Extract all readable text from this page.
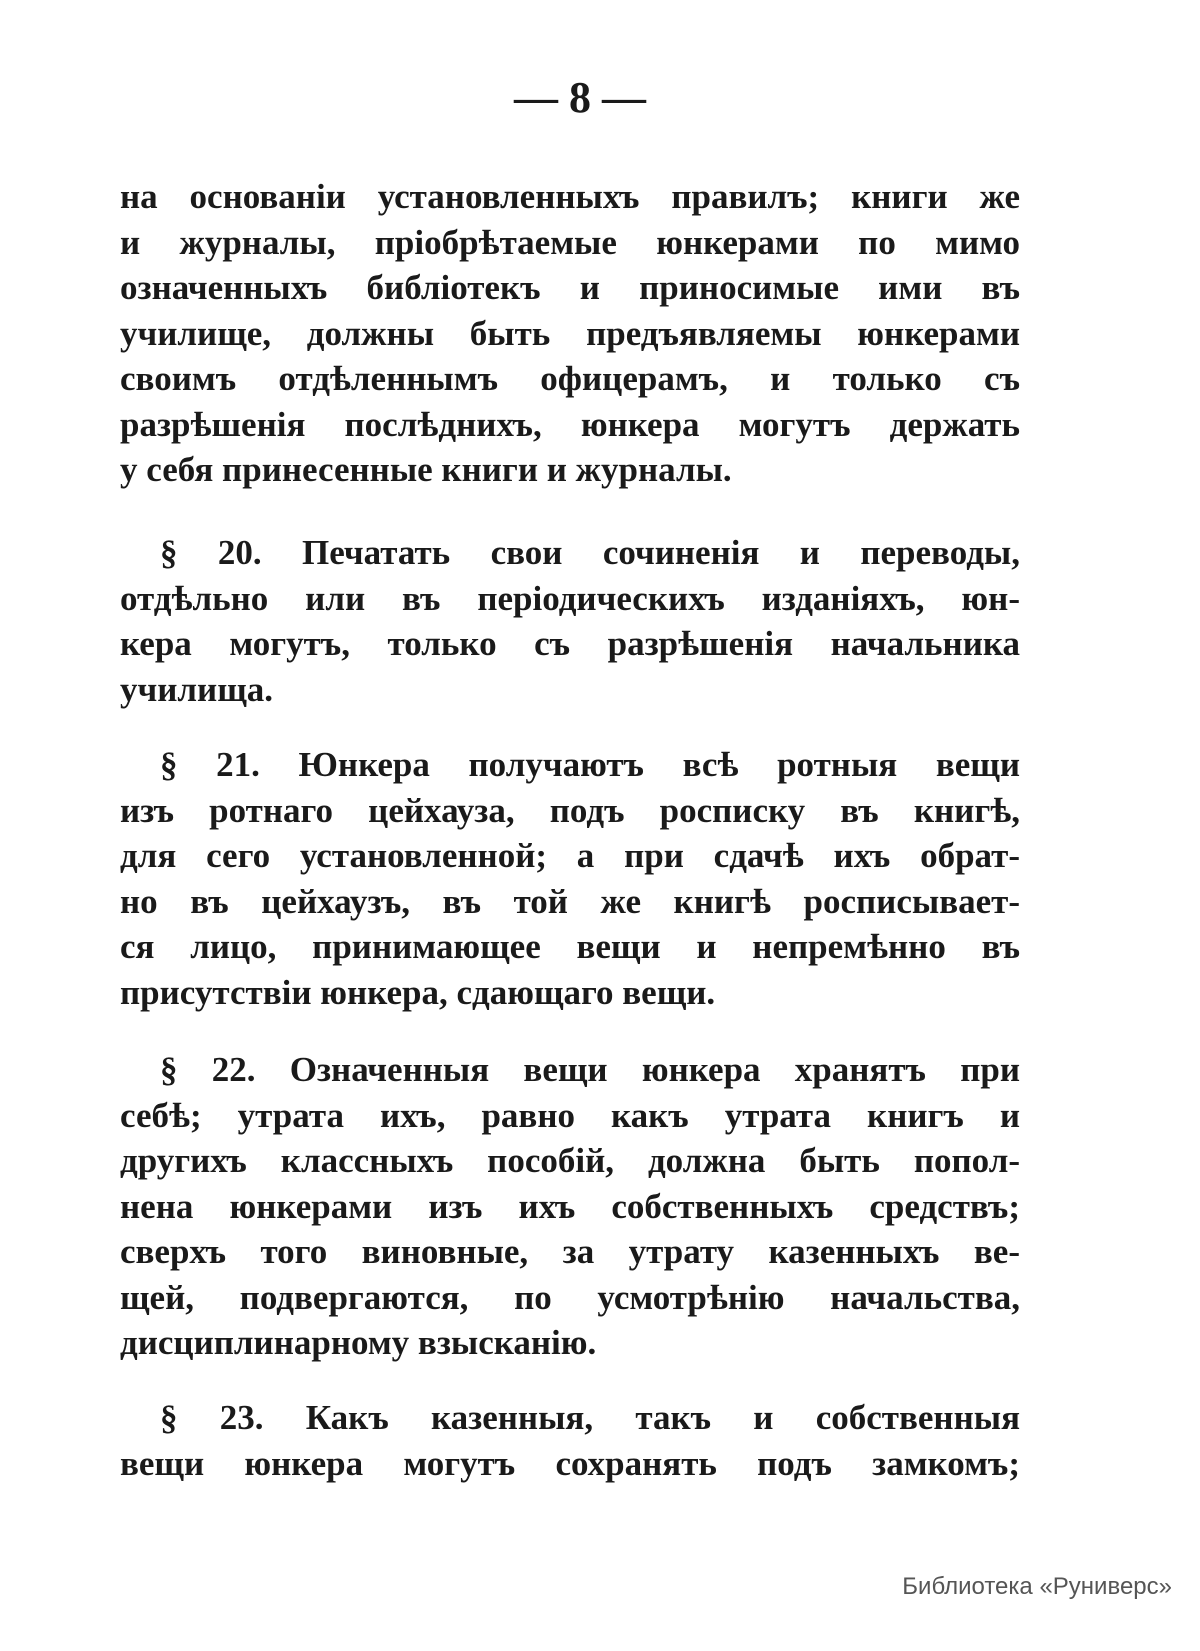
— 8 —
на основаніи установленныхъ правилъ; книги же
и журналы, пріобрѣтаемые юнкерами по мимо
означенныхъ библіотекъ и приносимые ими въ
училище, должны быть предъявляемы юнкерами
своимъ отдѣленнымъ офицерамъ, и только съ
разрѣшенія послѣднихъ, юнкера могутъ держать
у себя принесенные книги и журналы.
§ 20. Печатать свои сочиненія и переводы,
отдѣльно или въ періодическихъ изданіяхъ, юн-
кера могутъ, только съ разрѣшенія начальника
училища.
§ 21. Юнкера получаютъ всѣ ротныя вещи
изъ ротнаго цейхауза, подъ росписку въ книгѣ,
для сего установленной; а при сдачѣ ихъ обрат-
но въ цейхаузъ, въ той же книгѣ росписывает-
ся лицо, принимающее вещи и непремѣнно въ
присутствіи юнкера, сдающаго вещи.
§ 22. Означенныя вещи юнкера хранятъ при
себѣ; утрата ихъ, равно какъ утрата книгъ и
другихъ классныхъ пособій, должна быть попол-
нена юнкерами изъ ихъ собственныхъ средствъ;
сверхъ того виновные, за утрату казенныхъ ве-
щей, подвергаются, по усмотрѣнію начальства,
дисциплинарному взысканію.
§ 23. Какъ казенныя, такъ и собственныя
вещи юнкера могутъ сохранять подъ замкомъ;
Библиотека «Руниверс»
